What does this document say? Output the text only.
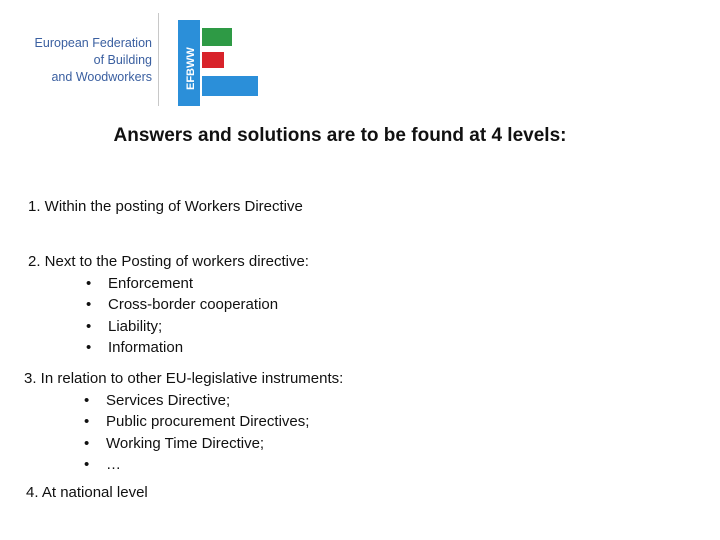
European Federation
of Building
and Woodworkers	EFBWW
Answers and solutions are to be found at 4 levels:
1. Within the posting of Workers Directive
2. Next to the Posting of workers directive:
• Enforcement
• Cross-border cooperation
• Liability;
• Information
3. In relation to other EU-legislative instruments:
• Services Directive;
• Public procurement Directives;
• Working Time Directive;
• …
4. At national level
